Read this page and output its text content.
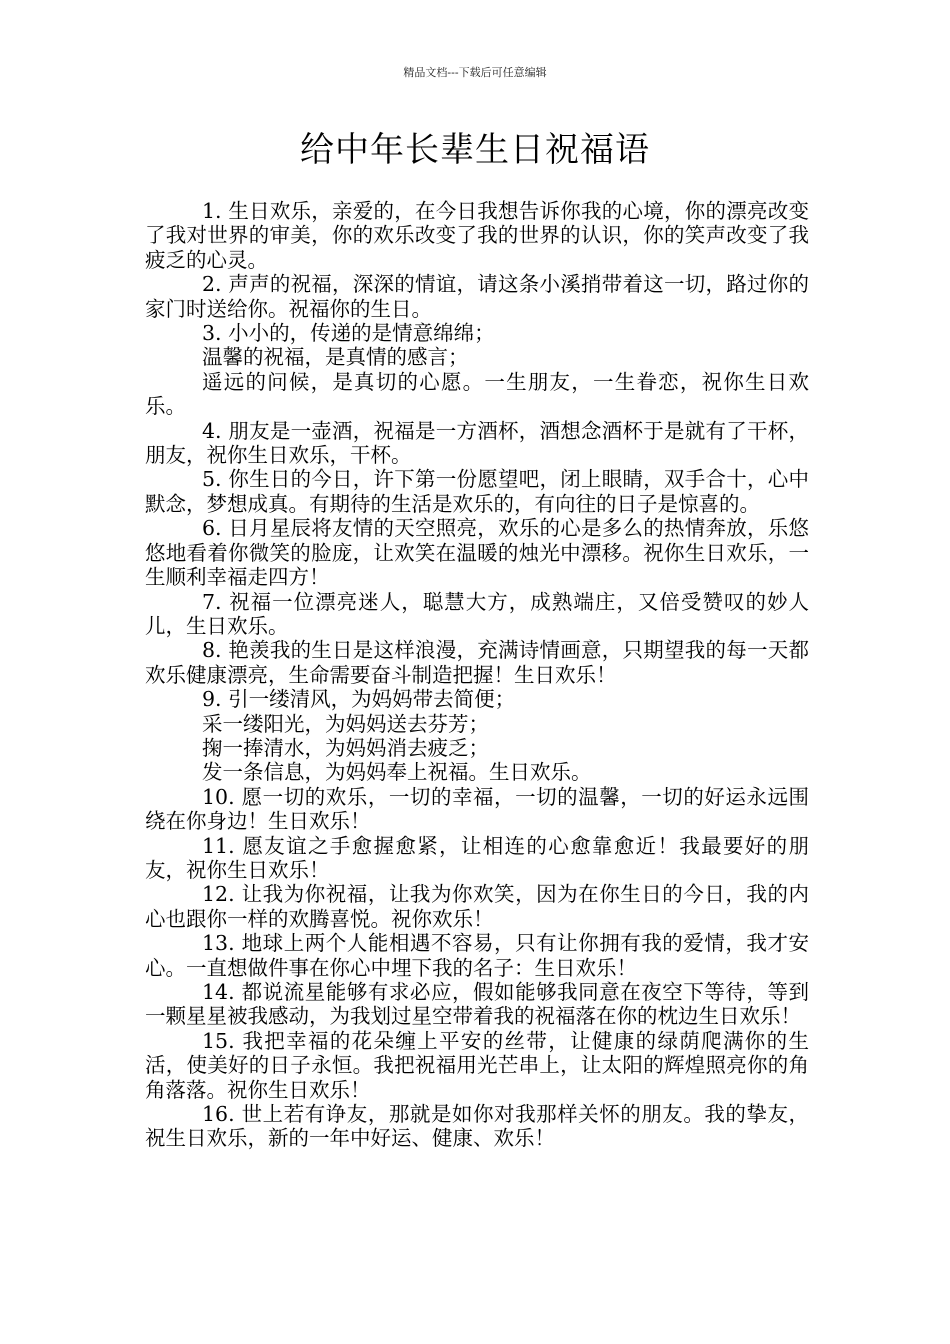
精品文档---下载后可任意编辑
给中年长辈生日祝福语

1. 生日欢乐，亲爱的，在今日我想告诉你我的心境，你的漂亮改变了我对世界的审美，你的欢乐改变了我的世界的认识，你的笑声改变了我疲乏的心灵。

2. 声声的祝福，深深的情谊，请这条小溪捎带着这一切，路过你的家门时送给你。祝福你的生日。

3. 小小的，传递的是情意绵绵；

温馨的祝福，是真情的感言；

遥远的问候，是真切的心愿。一生朋友，一生眷恋，祝你生日欢乐。

4. 朋友是一壶酒，祝福是一方酒杯，酒想念酒杯于是就有了干杯，朋友，祝你生日欢乐，干杯。

5. 你生日的今日，许下第一份愿望吧，闭上眼睛，双手合十，心中默念，梦想成真。有期待的生活是欢乐的，有向往的日子是惊喜的。

6. 日月星辰将友情的天空照亮，欢乐的心是多么的热情奔放，乐悠悠地看着你微笑的脸庞，让欢笑在温暖的烛光中漂移。祝你生日欢乐，一生顺利幸福走四方！

7. 祝福一位漂亮迷人，聪慧大方，成熟端庄，又倍受赞叹的妙人儿，生日欢乐。

8. 艳羡我的生日是这样浪漫，充满诗情画意，只期望我的每一天都欢乐健康漂亮，生命需要奋斗制造把握！生日欢乐！

9. 引一缕清风，为妈妈带去简便；

采一缕阳光，为妈妈送去芬芳；

掬一捧清水，为妈妈消去疲乏；

发一条信息，为妈妈奉上祝福。生日欢乐。

10. 愿一切的欢乐，一切的幸福，一切的温馨，一切的好运永远围绕在你身边！生日欢乐！

11. 愿友谊之手愈握愈紧，让相连的心愈靠愈近！我最要好的朋友，祝你生日欢乐！

12. 让我为你祝福，让我为你欢笑，因为在你生日的今日，我的内心也跟你一样的欢腾喜悦。祝你欢乐！

13. 地球上两个人能相遇不容易，只有让你拥有我的爱情，我才安心。一直想做件事在你心中埋下我的名子：生日欢乐！

14. 都说流星能够有求必应，假如能够我同意在夜空下等待，等到一颗星星被我感动，为我划过星空带着我的祝福落在你的枕边生日欢乐！

15. 我把幸福的花朵缠上平安的丝带，让健康的绿荫爬满你的生活，使美好的日子永恒。我把祝福用光芒串上，让太阳的辉煌照亮你的角角落落。祝你生日欢乐！

16. 世上若有诤友，那就是如你对我那样关怀的朋友。我的挚友，祝生日欢乐，新的一年中好运、健康、欢乐！
